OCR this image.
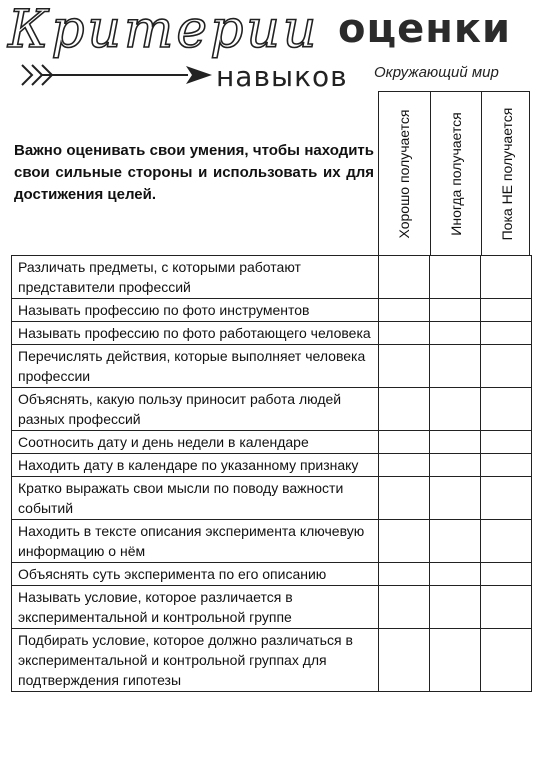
Критерии оценки
навыков Окружающий мир
Важно оценивать свои умения, чтобы находить свои сильные стороны и использовать их для достижения целей.	Хорошо получается	Иногда получается	Пока НЕ получается
Различать предметы, с которыми работают представители профессий			
Называть профессию по фото инструментов			
Называть профессию по фото работающего человека			
Перечислять действия, которые выполняет человека профессии			
Объяснять, какую пользу приносит работа людей разных профессий			
Соотносить дату и день недели в календаре			
Находить дату в календаре по указанному признаку			
Кратко выражать свои мысли по поводу важности событий			
Находить в тексте описания эксперимента ключевую информацию о нём			
Объяснять суть эксперимента по его описанию			
Называть условие, которое различается в экспериментальной и контрольной группе			
Подбирать условие, которое должно различаться в экспериментальной и контрольной группах для подтверждения гипотезы			
